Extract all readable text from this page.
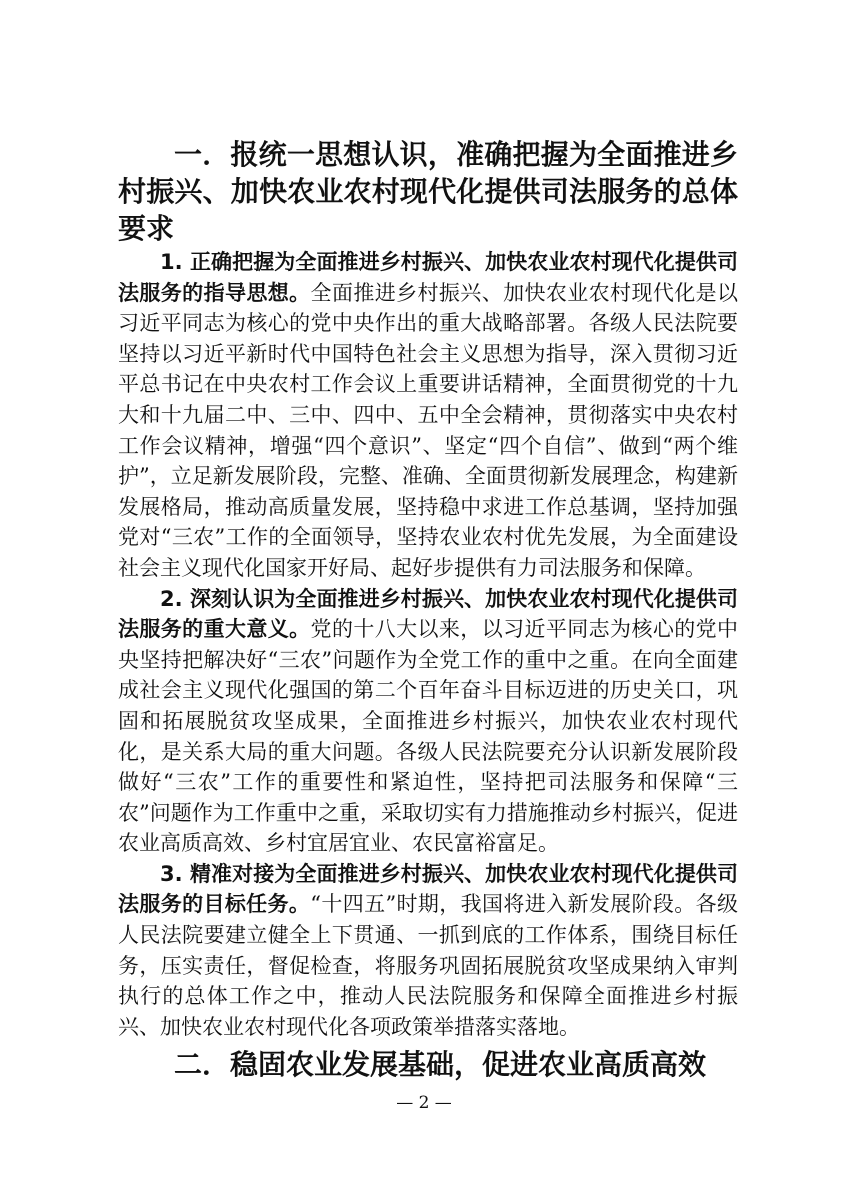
一．报统一思想认识，准确把握为全面推进乡村振兴、加快农业农村现代化提供司法服务的总体要求

1. 正确把握为全面推进乡村振兴、加快农业农村现代化提供司法服务的指导思想。全面推进乡村振兴、加快农业农村现代化是以习近平同志为核心的党中央作出的重大战略部署。各级人民法院要坚持以习近平新时代中国特色社会主义思想为指导，深入贯彻习近平总书记在中央农村工作会议上重要讲话精神，全面贯彻党的十九大和十九届二中、三中、四中、五中全会精神，贯彻落实中央农村工作会议精神，增强“四个意识”、坚定“四个自信”、做到“两个维护”，立足新发展阶段，完整、准确、全面贯彻新发展理念，构建新发展格局，推动高质量发展，坚持稳中求进工作总基调，坚持加强党对“三农”工作的全面领导，坚持农业农村优先发展，为全面建设社会主义现代化国家开好局、起好步提供有力司法服务和保障。

2. 深刻认识为全面推进乡村振兴、加快农业农村现代化提供司法服务的重大意义。党的十八大以来，以习近平同志为核心的党中央坚持把解决好“三农”问题作为全党工作的重中之重。在向全面建成社会主义现代化强国的第二个百年奋斗目标迈进的历史关口，巩固和拓展脱贫攻坚成果，全面推进乡村振兴，加快农业农村现代化，是关系大局的重大问题。各级人民法院要充分认识新发展阶段做好“三农”工作的重要性和紧迫性，坚持把司法服务和保障“三农”问题作为工作重中之重，采取切实有力措施推动乡村振兴，促进农业高质高效、乡村宜居宜业、农民富裕富足。

3. 精准对接为全面推进乡村振兴、加快农业农村现代化提供司法服务的目标任务。“十四五”时期，我国将进入新发展阶段。各级人民法院要建立健全上下贯通、一抓到底的工作体系，围绕目标任务，压实责任，督促检查，将服务巩固拓展脱贫攻坚成果纳入审判执行的总体工作之中，推动人民法院服务和保障全面推进乡村振兴、加快农业农村现代化各项政策举措落实落地。

二．稳固农业发展基础，促进农业高质高效
— 2 —
